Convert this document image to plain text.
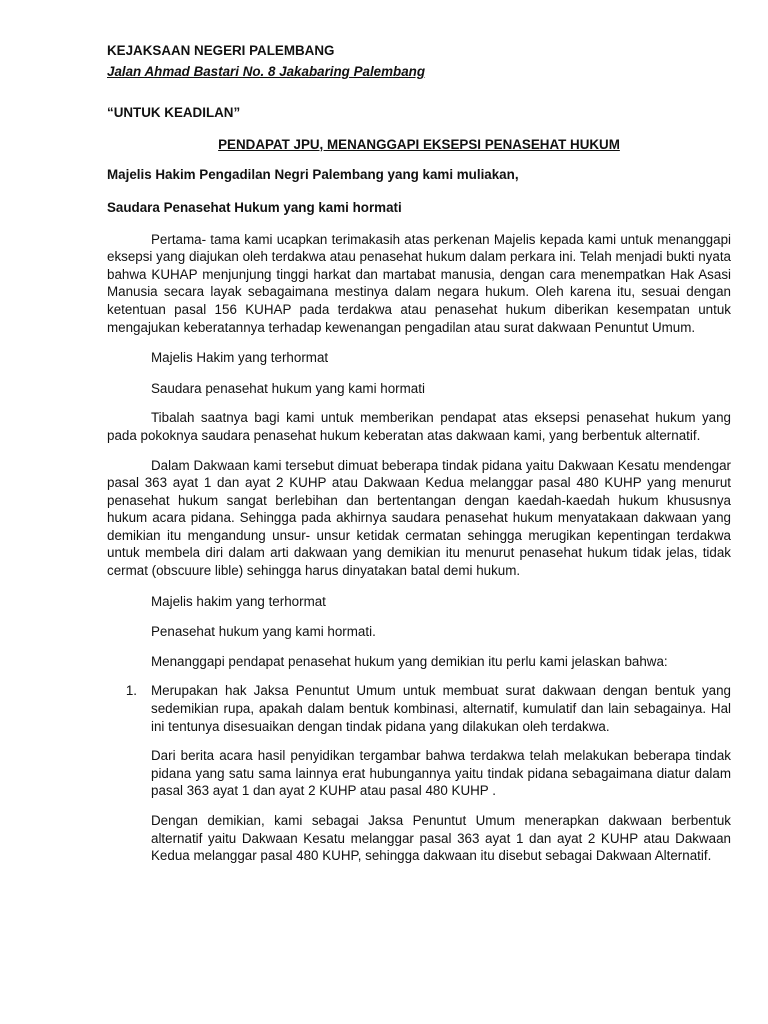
KEJAKSAAN NEGERI PALEMBANG
Jalan Ahmad Bastari No. 8 Jakabaring Palembang
“UNTUK KEADILAN”
PENDAPAT JPU, MENANGGAPI EKSEPSI PENASEHAT HUKUM
Majelis Hakim Pengadilan Negri Palembang yang kami muliakan,
Saudara Penasehat Hukum yang kami hormati

Pertama- tama kami ucapkan terimakasih atas perkenan Majelis kepada kami untuk menanggapi eksepsi yang diajukan oleh terdakwa atau penasehat hukum dalam perkara ini. Telah menjadi bukti nyata bahwa KUHAP menjunjung tinggi harkat dan martabat manusia, dengan cara menempatkan Hak Asasi Manusia secara layak sebagaimana mestinya dalam negara hukum. Oleh karena itu, sesuai dengan ketentuan pasal 156 KUHAP pada terdakwa atau penasehat hukum diberikan kesempatan untuk mengajukan keberatannya terhadap kewenangan pengadilan atau surat dakwaan Penuntut Umum.

Majelis Hakim yang terhormat

Saudara penasehat hukum yang kami hormati

Tibalah saatnya bagi kami untuk memberikan pendapat atas eksepsi penasehat hukum yang pada pokoknya saudara penasehat hukum keberatan atas dakwaan kami, yang berbentuk alternatif.

Dalam Dakwaan kami tersebut dimuat beberapa tindak pidana yaitu Dakwaan Kesatu mendengar pasal 363 ayat 1 dan ayat 2 KUHP atau Dakwaan Kedua melanggar pasal 480 KUHP yang menurut penasehat hukum sangat berlebihan dan bertentangan dengan kaedah-kaedah hukum khususnya hukum acara pidana. Sehingga pada akhirnya saudara penasehat hukum menyatakaan dakwaan yang demikian itu mengandung unsur- unsur ketidak cermatan sehingga merugikan kepentingan terdakwa untuk membela diri dalam arti dakwaan yang demikian itu menurut penasehat hukum tidak jelas, tidak cermat (obscuure lible) sehingga harus dinyatakan batal demi hukum.

Majelis hakim yang terhormat

Penasehat hukum yang kami hormati.

Menanggapi pendapat penasehat hukum yang demikian itu perlu kami jelaskan bahwa:

1. Merupakan hak Jaksa Penuntut Umum untuk membuat surat dakwaan dengan bentuk yang sedemikian rupa, apakah dalam bentuk kombinasi, alternatif, kumulatif dan lain sebagainya. Hal ini tentunya disesuaikan dengan tindak pidana yang dilakukan oleh terdakwa.

Dari berita acara hasil penyidikan tergambar bahwa terdakwa telah melakukan beberapa tindak pidana yang satu sama lainnya erat hubungannya yaitu tindak pidana sebagaimana diatur dalam pasal 363 ayat 1 dan ayat 2 KUHP atau pasal 480 KUHP .

Dengan demikian, kami sebagai Jaksa Penuntut Umum menerapkan dakwaan berbentuk alternatif yaitu Dakwaan Kesatu melanggar pasal 363 ayat 1 dan ayat 2 KUHP atau Dakwaan Kedua melanggar pasal 480 KUHP, sehingga dakwaan itu disebut sebagai Dakwaan Alternatif.
